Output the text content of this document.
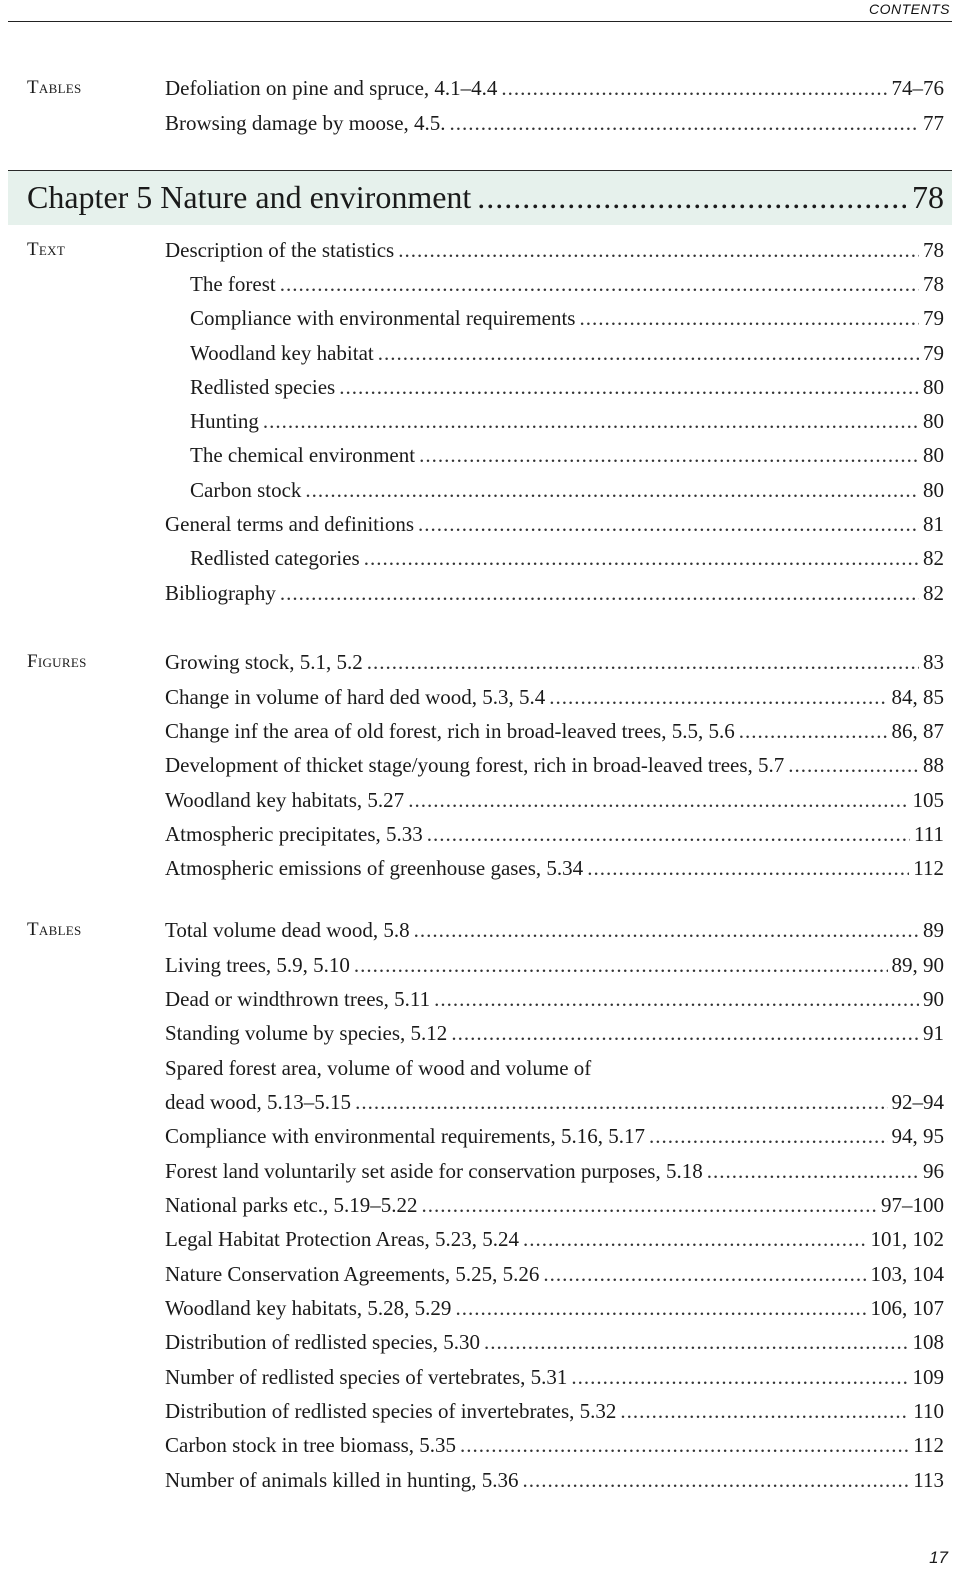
CONTENTS
Tables	Defoliation on pine and spruce, 4.1–4.4 .....	74–76
Browsing damage by moose, 4.5. .....	77
Chapter 5 Nature and environment .....	78
Text	Description of the statistics .....	78
The forest .....	78
Compliance with environmental requirements .....	79
Woodland key habitat .....	79
Redlisted species .....	80
Hunting .....	80
The chemical environment .....	80
Carbon stock .....	80
General terms and definitions .....	81
Redlisted categories .....	82
Bibliography .....	82
Figures	Growing stock, 5.1, 5.2 .....	83
Change in volume of hard ded wood, 5.3, 5.4 .....	84, 85
Change inf the area of old forest, rich in broad-leaved trees, 5.5, 5.6 .....	86, 87
Development of thicket stage/young forest, rich in broad-leaved trees, 5.7 .....	88
Woodland key habitats, 5.27 .....	105
Atmospheric precipitates, 5.33 .....	111
Atmospheric emissions of greenhouse gases, 5.34 .....	112
Tables	Total volume dead wood, 5.8 .....	89
Living trees, 5.9, 5.10 .....	89, 90
Dead or windthrown trees, 5.11 .....	90
Standing volume by species, 5.12 .....	91
Spared forest area, volume of wood and volume of
dead wood, 5.13–5.15 .....	92–94
Compliance with environmental requirements, 5.16, 5.17 .....	94, 95
Forest land voluntarily set aside for conservation purposes, 5.18 .....	96
National parks etc., 5.19–5.22 .....	97–100
Legal Habitat Protection Areas, 5.23, 5.24 .....	101, 102
Nature Conservation Agreements, 5.25, 5.26 .....	103, 104
Woodland key habitats, 5.28, 5.29 .....	106, 107
Distribution of redlisted species, 5.30 .....	108
Number of redlisted species of vertebrates, 5.31 .....	109
Distribution of redlisted species of invertebrates, 5.32 .....	110
Carbon stock in tree biomass, 5.35 .....	112
Number of animals killed in hunting, 5.36 .....	113
17
